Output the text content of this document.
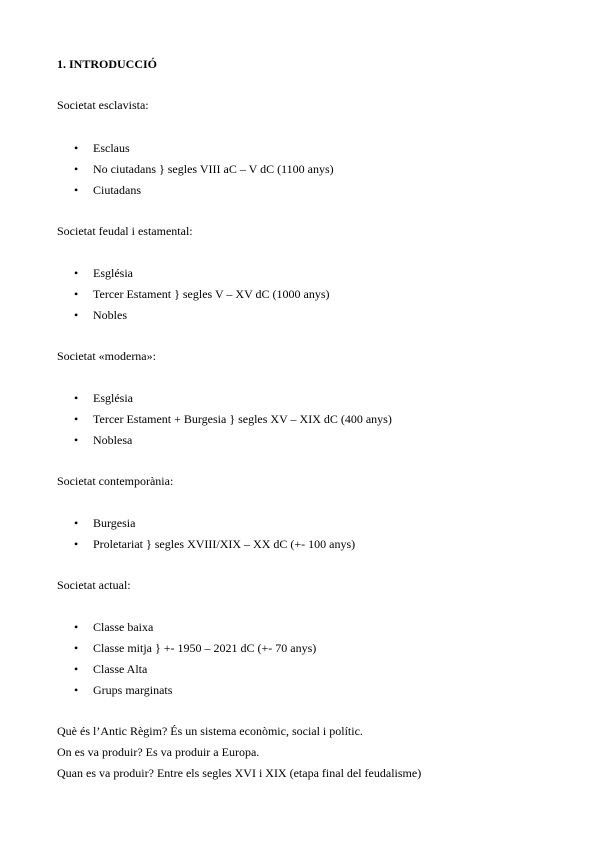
1. INTRODUCCIÓ
Societat esclavista:
• Esclaus
• No ciutadans } segles VIII aC – V dC (1100 anys)
• Ciutadans
Societat feudal i estamental:
• Església
• Tercer Estament } segles V – XV dC (1000 anys)
• Nobles
Societat «moderna»:
• Església
• Tercer Estament + Burgesia } segles XV – XIX dC (400 anys)
• Noblesa
Societat contemporània:
• Burgesia
• Proletariat } segles XVIII/XIX – XX dC (+- 100 anys)
Societat actual:
• Classe baixa
• Classe mitja } +- 1950 – 2021 dC (+- 70 anys)
• Classe Alta
• Grups marginats
Què és l’Antic Règim? És un sistema econòmic, social i polític.
On es va produir? Es va produir a Europa.
Quan es va produir? Entre els segles XVI i XIX (etapa final del feudalisme)
